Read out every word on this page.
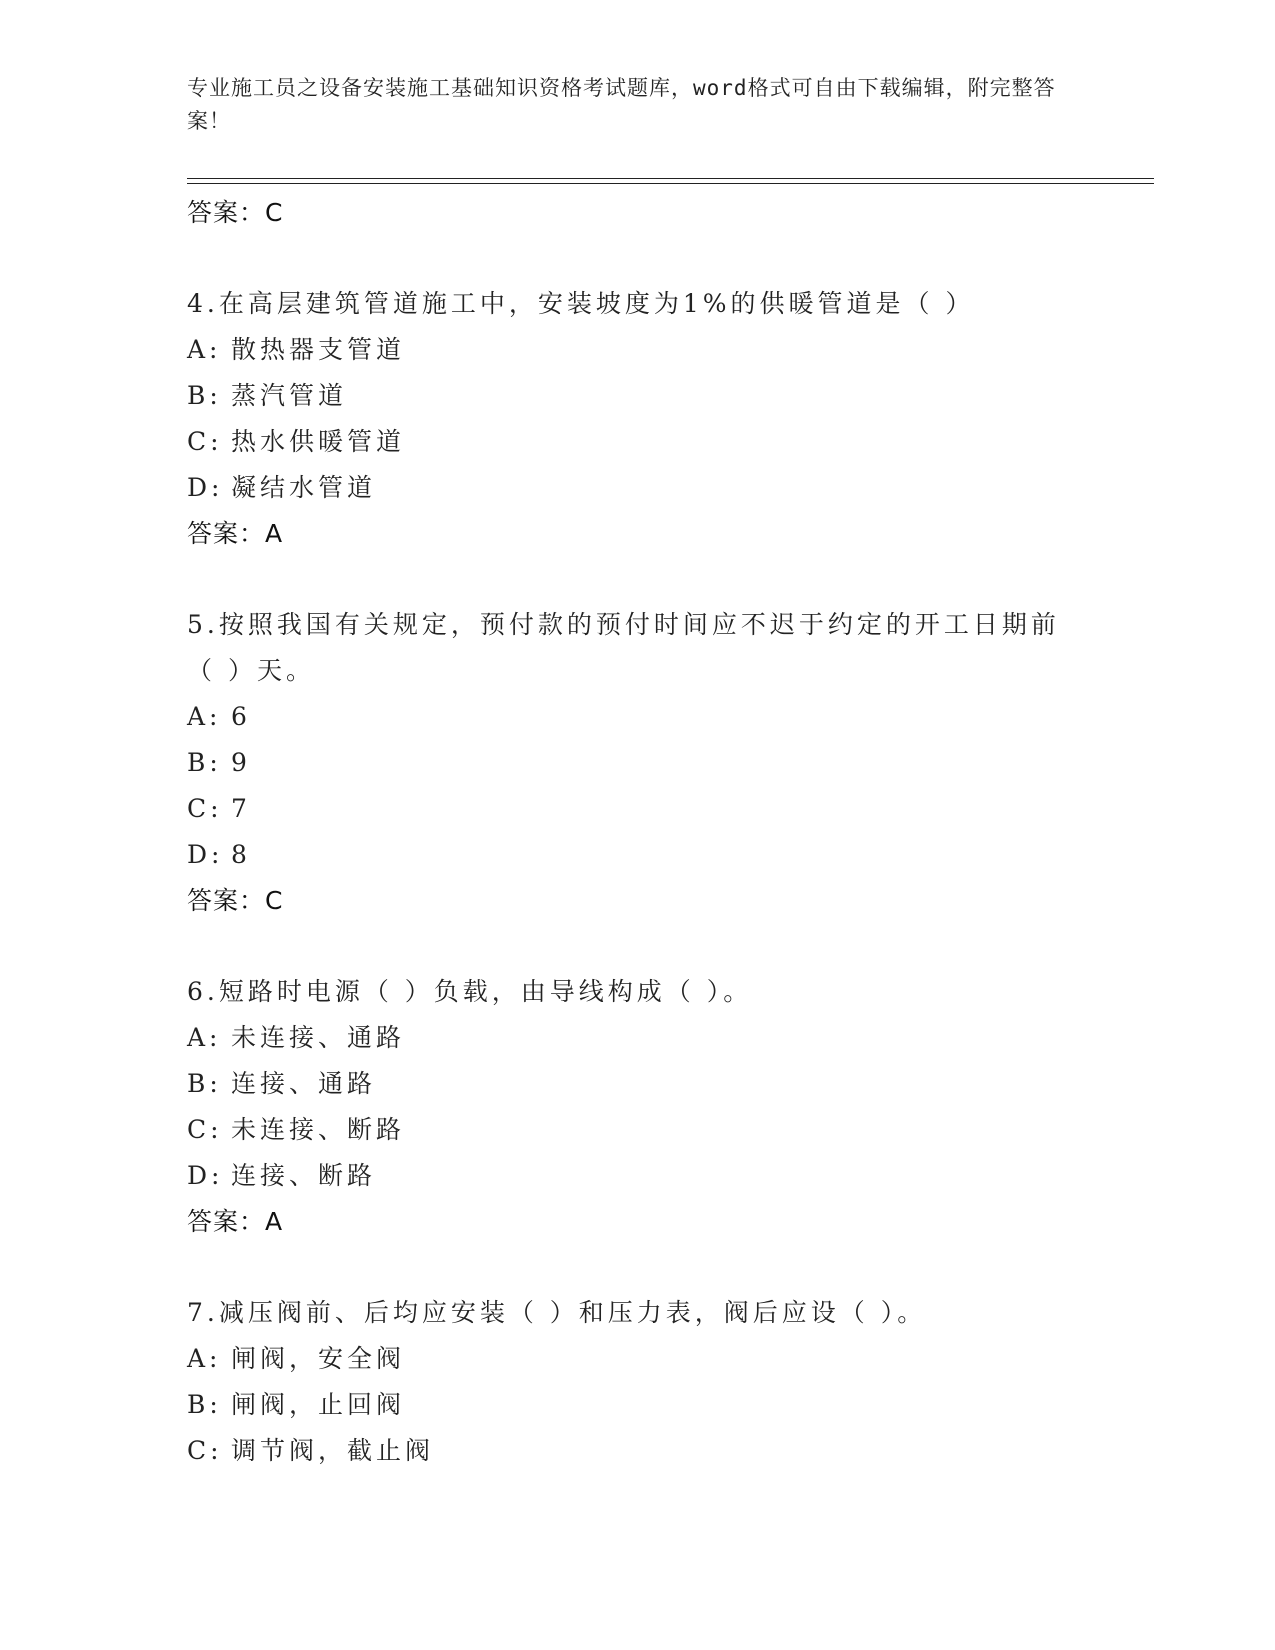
专业施工员之设备安装施工基础知识资格考试题库，word格式可自由下载编辑，附完整答案！
答案：C
4.在高层建筑管道施工中，安装坡度为1%的供暖管道是（ ）
A: 散热器支管道
B: 蒸汽管道
C: 热水供暖管道
D: 凝结水管道
答案：A
5.按照我国有关规定，预付款的预付时间应不迟于约定的开工日期前（ ）天。
A: 6
B: 9
C: 7
D: 8
答案：C
6.短路时电源（ ）负载，由导线构成（ ）。
A: 未连接、通路
B: 连接、通路
C: 未连接、断路
D: 连接、断路
答案：A
7.减压阀前、后均应安装（ ）和压力表，阀后应设（ ）。
A: 闸阀，安全阀
B: 闸阀，止回阀
C: 调节阀，截止阀
